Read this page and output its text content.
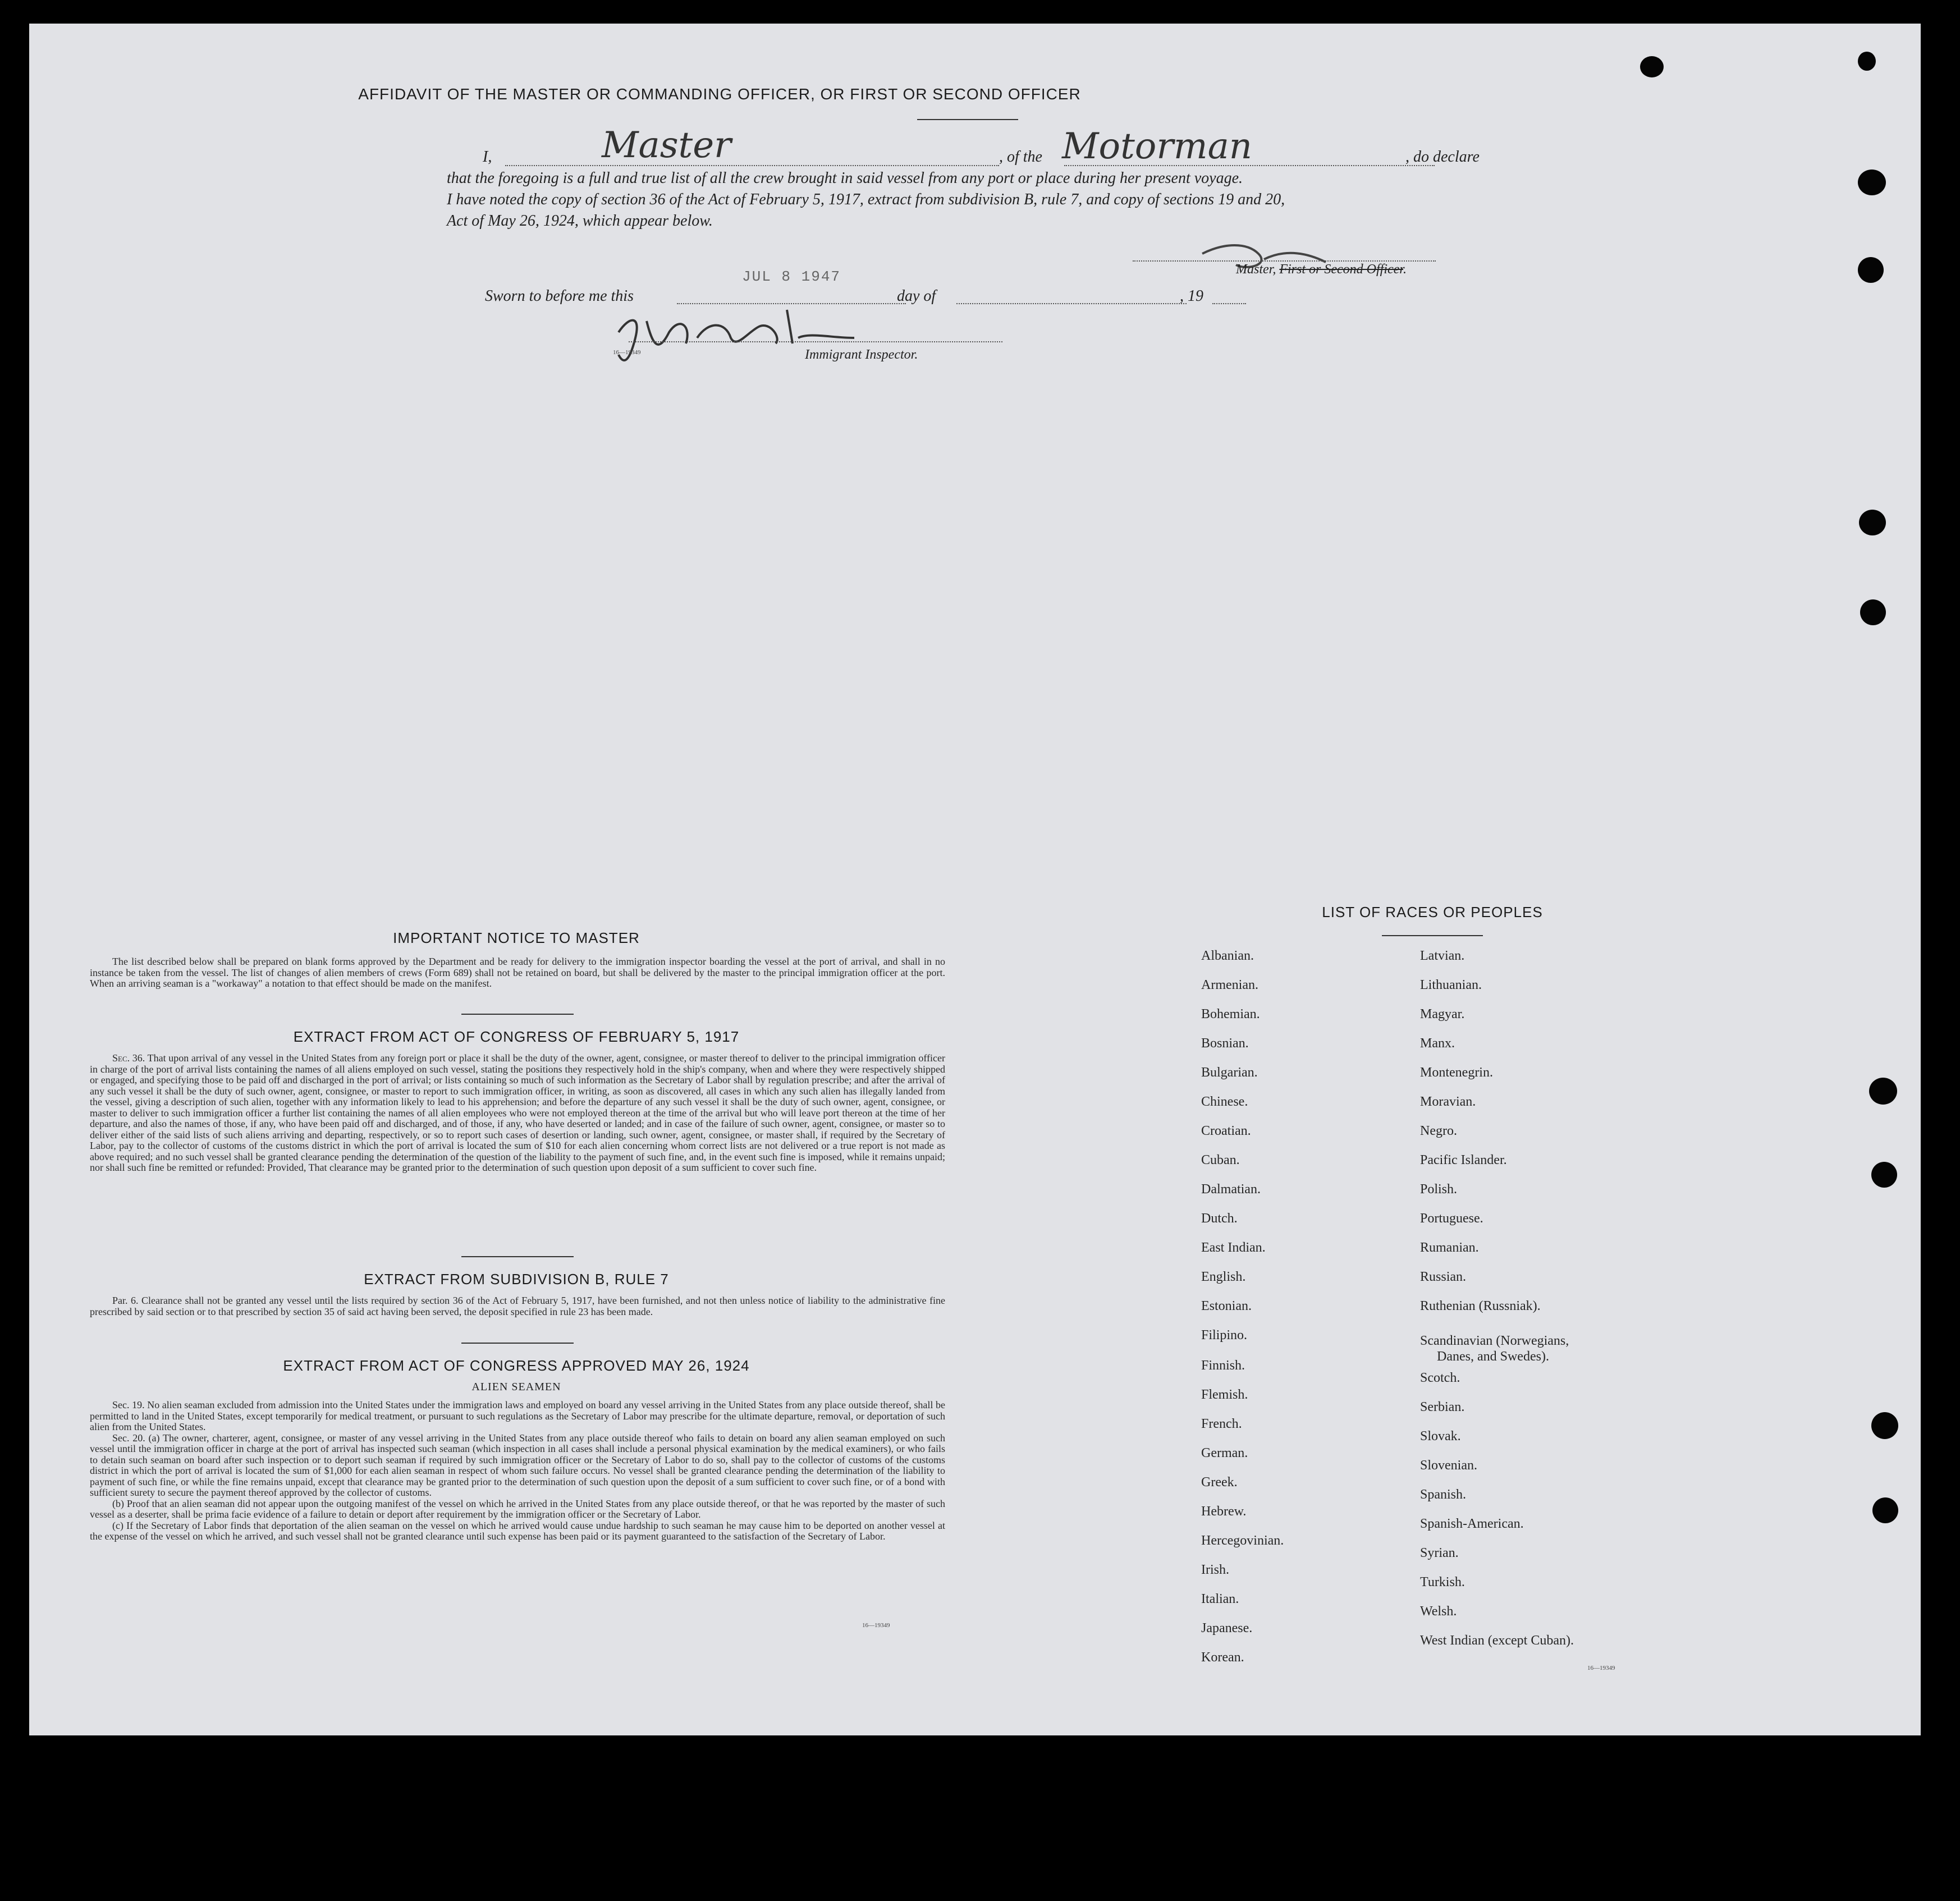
AFFIDAVIT OF THE MASTER OR COMMANDING OFFICER, OR FIRST OR SECOND OFFICER
I,	Master	, of the Motorman	, do declare
that the foregoing is a full and true list of all the crew brought in said vessel from any port or place during her present voyage.
I have noted the copy of section 36 of the Act of February 5, 1917, extract from subdivision B, rule 7, and copy of sections 19 and 20,
Act of May 26, 1924, which appear below.
Master, First or Second Officer.
Sworn to before me this
JUL 8 1947
day of	, 19
16—19349	Immigrant Inspector.
IMPORTANT NOTICE TO MASTER

The list described below shall be prepared on blank forms approved by the Department and be ready for delivery to the immigration inspector boarding the vessel at the port of arrival, and shall in no instance be taken from the vessel. The list of changes of alien members of crews (Form 689) shall not be retained on board, but shall be delivered by the master to the principal immigration officer at the port. When an arriving seaman is a "workaway" a notation to that effect should be made on the manifest.

EXTRACT FROM ACT OF CONGRESS OF FEBRUARY 5, 1917

Sec. 36. That upon arrival of any vessel in the United States from any foreign port or place it shall be the duty of the owner, agent, consignee, or master thereof to deliver to the principal immigration officer in charge of the port of arrival lists containing the names of all aliens employed on such vessel, stating the positions they respectively hold in the ship's company, when and where they were respectively shipped or engaged, and specifying those to be paid off and discharged in the port of arrival; or lists containing so much of such information as the Secretary of Labor shall by regulation prescribe; and after the arrival of any such vessel it shall be the duty of such owner, agent, consignee, or master to report to such immigration officer, in writing, as soon as discovered, all cases in which any such alien has illegally landed from the vessel, giving a description of such alien, together with any information likely to lead to his apprehension; and before the departure of any such vessel it shall be the duty of such owner, agent, consignee, or master to deliver to such immigration officer a further list containing the names of all alien employees who were not employed thereon at the time of the arrival but who will leave port thereon at the time of her departure, and also the names of those, if any, who have been paid off and discharged, and of those, if any, who have deserted or landed; and in case of the failure of such owner, agent, consignee, or master so to deliver either of the said lists of such aliens arriving and departing, respectively, or so to report such cases of desertion or landing, such owner, agent, consignee, or master shall, if required by the Secretary of Labor, pay to the collector of customs of the customs district in which the port of arrival is located the sum of $10 for each alien concerning whom correct lists are not delivered or a true report is not made as above required; and no such vessel shall be granted clearance pending the determination of the question of the liability to the payment of such fine, and, in the event such fine is imposed, while it remains unpaid; nor shall such fine be remitted or refunded: Provided, That clearance may be granted prior to the determination of such question upon deposit of a sum sufficient to cover such fine.

EXTRACT FROM SUBDIVISION B, RULE 7

Par. 6. Clearance shall not be granted any vessel until the lists required by section 36 of the Act of February 5, 1917, have been furnished, and not then unless notice of liability to the administrative fine prescribed by said section or to that prescribed by section 35 of said act having been served, the deposit specified in rule 23 has been made.

EXTRACT FROM ACT OF CONGRESS APPROVED MAY 26, 1924
ALIEN SEAMEN

Sec. 19. No alien seaman excluded from admission into the United States under the immigration laws and employed on board any vessel arriving in the United States from any place outside thereof, shall be permitted to land in the United States, except temporarily for medical treatment, or pursuant to such regulations as the Secretary of Labor may prescribe for the ultimate departure, removal, or deportation of such alien from the United States.

Sec. 20. (a) The owner, charterer, agent, consignee, or master of any vessel arriving in the United States from any place outside thereof who fails to detain on board any alien seaman employed on such vessel until the immigration officer in charge at the port of arrival has inspected such seaman (which inspection in all cases shall include a personal physical examination by the medical examiners), or who fails to detain such seaman on board after such inspection or to deport such seaman if required by such immigration officer or the Secretary of Labor to do so, shall pay to the collector of customs of the customs district in which the port of arrival is located the sum of $1,000 for each alien seaman in respect of whom such failure occurs. No vessel shall be granted clearance pending the determination of the liability to payment of such fine, or while the fine remains unpaid, except that clearance may be granted prior to the determination of such question upon the deposit of a sum sufficient to cover such fine, or of a bond with sufficient surety to secure the payment thereof approved by the collector of customs.

(b) Proof that an alien seaman did not appear upon the outgoing manifest of the vessel on which he arrived in the United States from any place outside thereof, or that he was reported by the master of such vessel as a deserter, shall be prima facie evidence of a failure to detain or deport after requirement by the immigration officer or the Secretary of Labor.

(c) If the Secretary of Labor finds that deportation of the alien seaman on the vessel on which he arrived would cause undue hardship to such seaman he may cause him to be deported on another vessel at the expense of the vessel on which he arrived, and such vessel shall not be granted clearance until such expense has been paid or its payment guaranteed to the satisfaction of the Secretary of Labor.

16—19349
LIST OF RACES OR PEOPLES
Albanian.
Armenian.
Bohemian.
Bosnian.
Bulgarian.
Chinese.
Croatian.
Cuban.
Dalmatian.
Dutch.
East Indian.
English.
Estonian.
Filipino.
Finnish.
Flemish.
French.
German.
Greek.
Hebrew.
Hercegovinian.
Irish.
Italian.
Japanese.
Korean.
Latvian.
Lithuanian.
Magyar.
Manx.
Montenegrin.
Moravian.
Negro.
Pacific Islander.
Polish.
Portuguese.
Rumanian.
Russian.
Ruthenian (Russniak).
Scandinavian (Norwegians,
Danes, and Swedes).
Scotch.
Serbian.
Slovak.
Slovenian.
Spanish.
Spanish-American.
Syrian.
Turkish.
Welsh.
West Indian (except Cuban).
16—19349
